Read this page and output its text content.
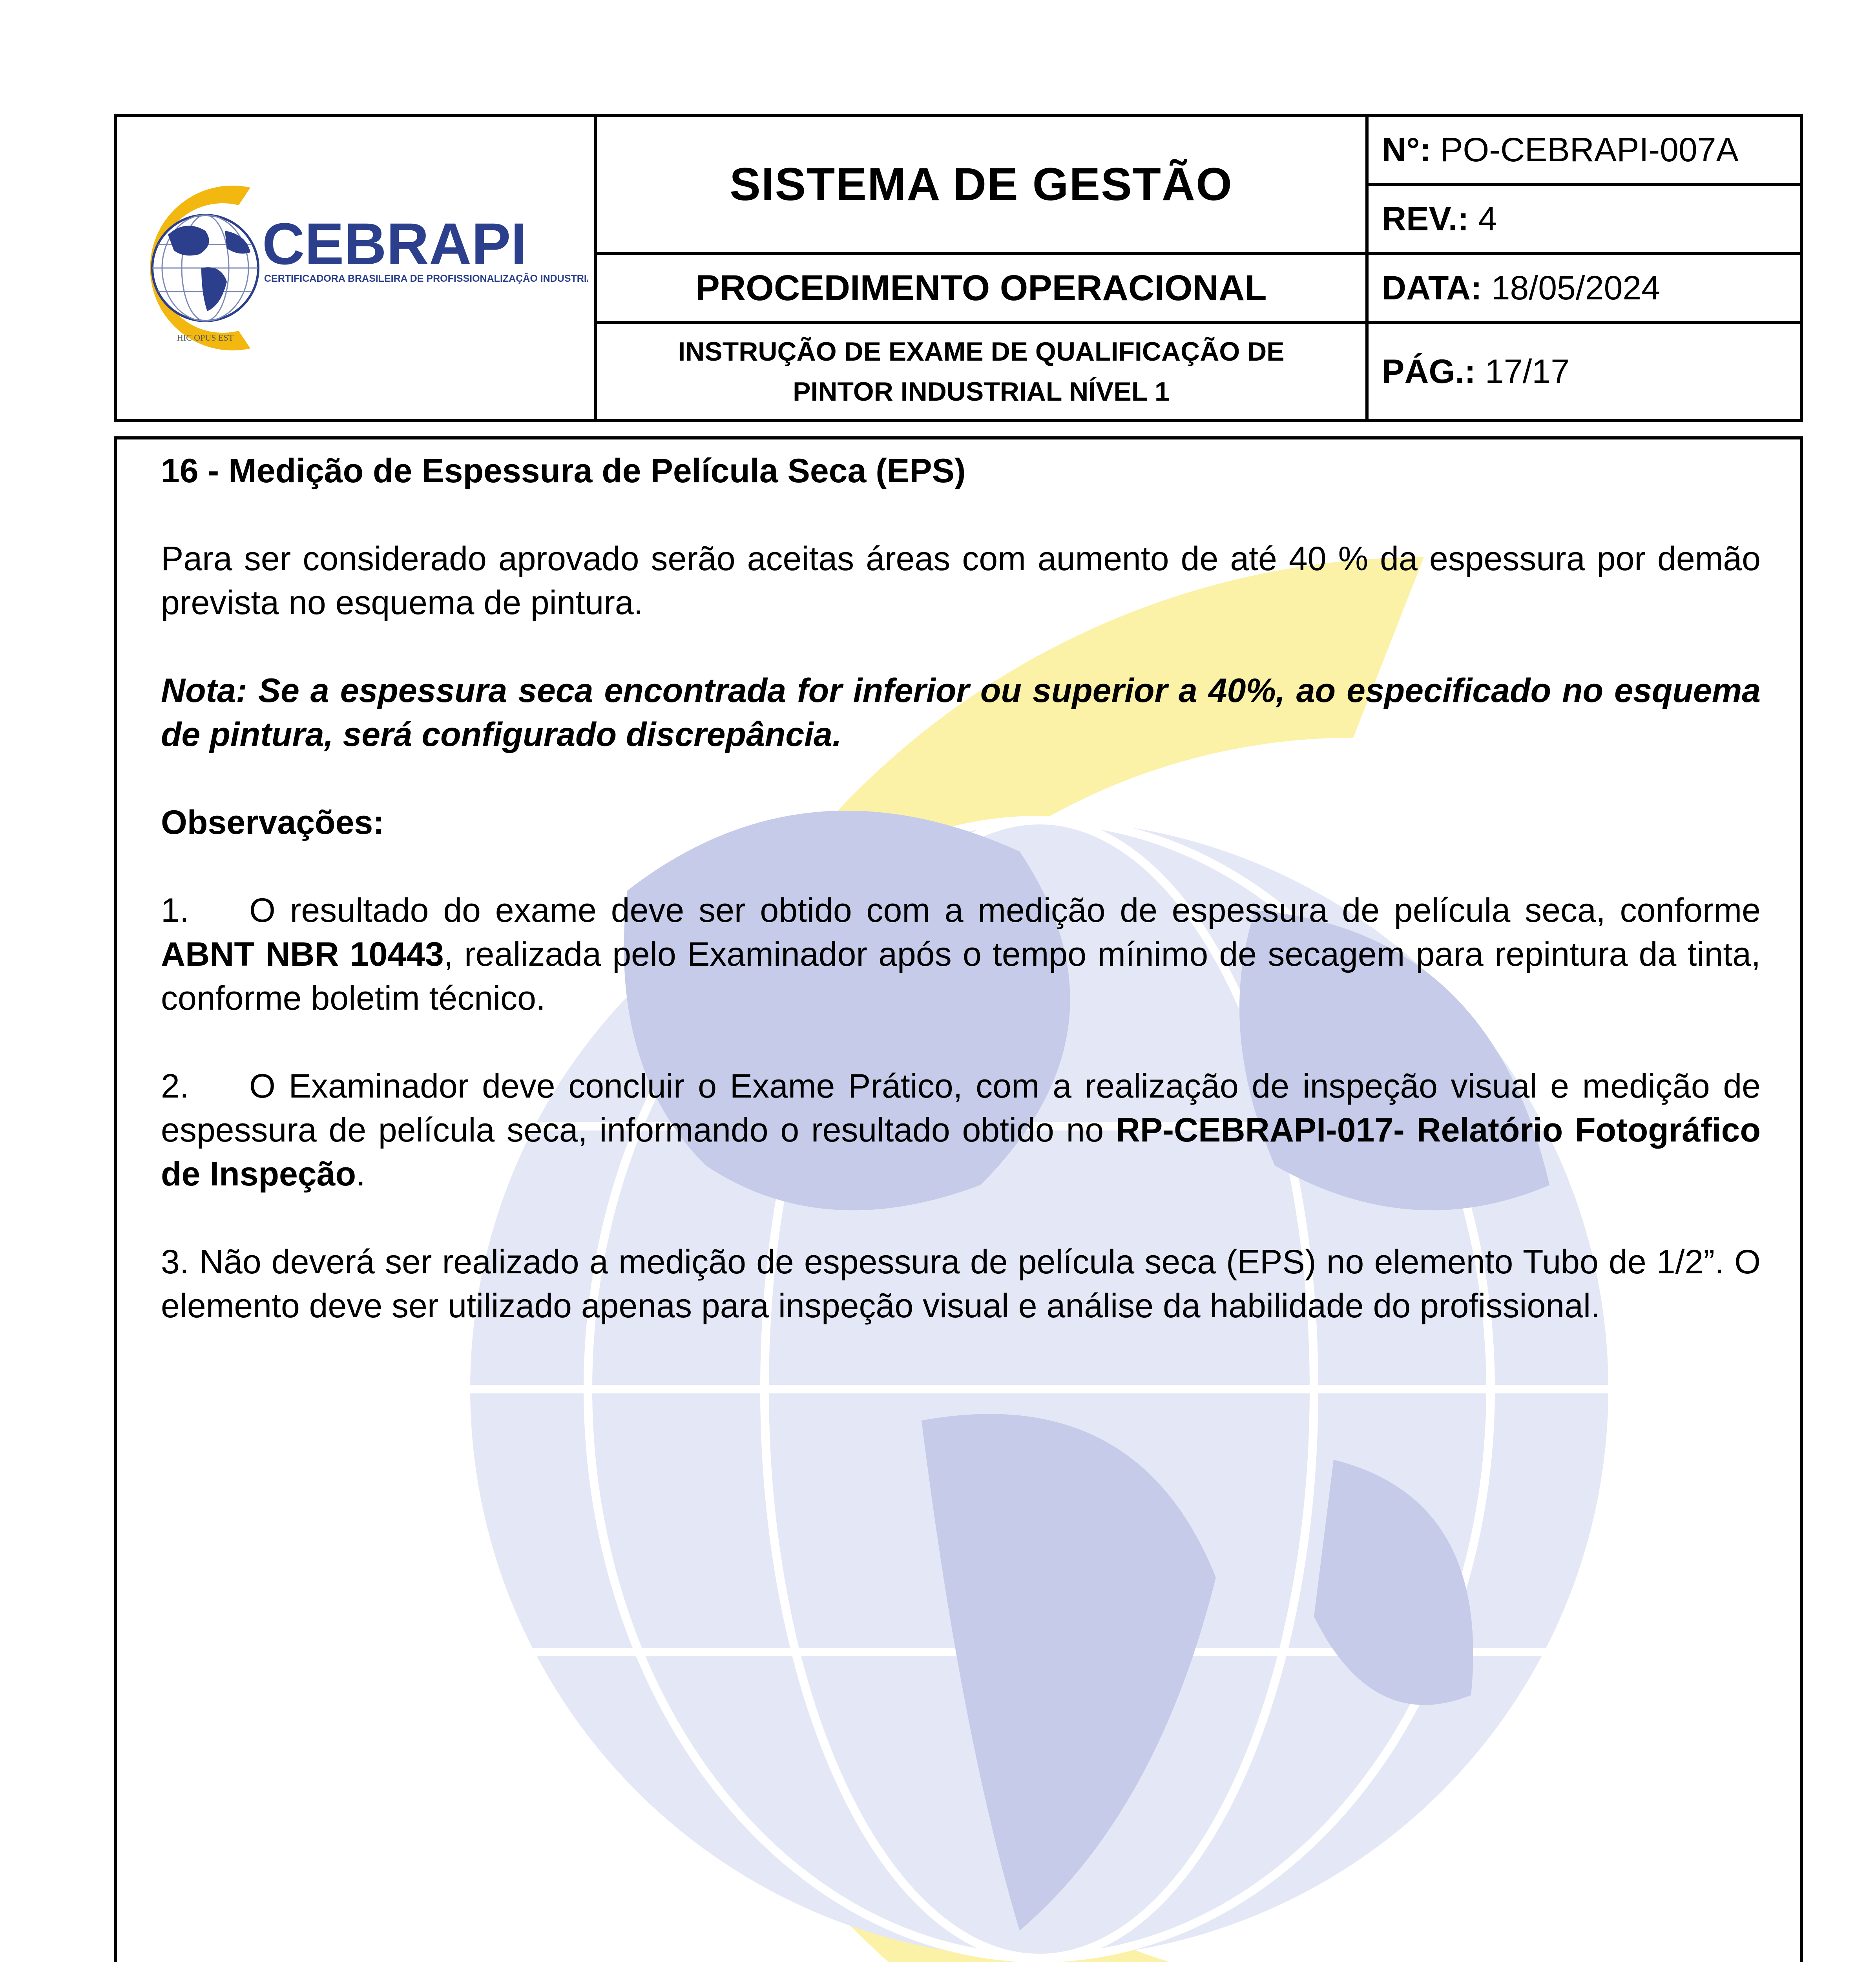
CEBRAPI
CERTIFICADORA BRASILEIRA DE PROFISSIONALIZAÇÃO INDUSTRIAL
HIC OPUS EST	SISTEMA DE GESTÃO	N°: PO-CEBRAPI-007A
		REV.: 4
	PROCEDIMENTO OPERACIONAL	DATA: 18/05/2024

	INSTRUÇÃO DE EXAME DE QUALIFICAÇÃO DE
PINTOR INDUSTRIAL NÍVEL 1	PÁG.: 17/17

16 - Medição de Espessura de Película Seca (EPS)

Para ser considerado aprovado serão aceitas áreas com aumento de até 40 % da espessura por demão prevista no esquema de pintura.

Nota: Se a espessura seca encontrada for inferior ou superior a 40%, ao especificado no esquema de pintura, será configurado discrepância.

Observações:

1. O resultado do exame deve ser obtido com a medição de espessura de película seca, conforme ABNT NBR 10443, realizada pelo Examinador após o tempo mínimo de secagem para repintura da tinta, conforme boletim técnico.

2. O Examinador deve concluir o Exame Prático, com a realização de inspeção visual e medição de espessura de película seca, informando o resultado obtido no RP-CEBRAPI-017- Relatório Fotográfico de Inspeção.

3. Não deverá ser realizado a medição de espessura de película seca (EPS) no elemento Tubo de 1/2”. O elemento deve ser utilizado apenas para inspeção visual e análise da habilidade do profissional.
